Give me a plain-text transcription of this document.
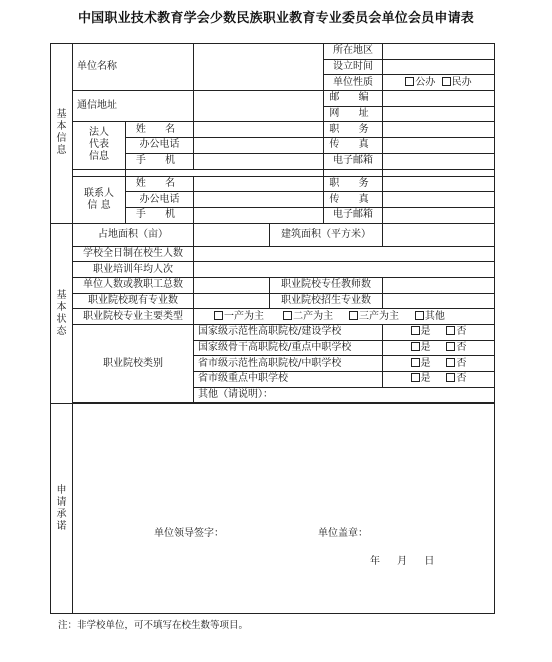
中国职业技术教育学会少数民族职业教育专业委员会单位会员申请表
基
本
信
息	单位名称				所在地区	
					设立时间	
					单位性质	公办 民办
	通信地址				邮 编	
					网 址	

	法人
代表
信息	姓 名			职 务	
		办公电话			传 真	
		手 机			电子邮箱	

	联系人
信 息	姓 名			职 务	
		办公电话			传 真	
		手 机			电子邮箱	

基
本
状
态	占地面积（亩）			建筑面积（平方米）		
	学校全日制在校生人数					
	职业培训年均人次					
	单位人数或教职工总数			职业院校专任教师数		
	职业院校现有专业数			职业院校招生专业数		
	职业院校专业主要类型		一产为主 二产为主 三产为主 其他			
	职业院校类别		国家级示范性高职院校/建设学校			是 否
			国家级骨干高职院校/重点中职学校			是 否
			省市级示范性高职院校/中职学校			是 否
			省市级重点中职学校			是 否
			其他（请说明）：			

申
请
承
诺						

单位领导签字：	单位盖章：
年 月 日
注：非学校单位，可不填写在校生数等项目。
